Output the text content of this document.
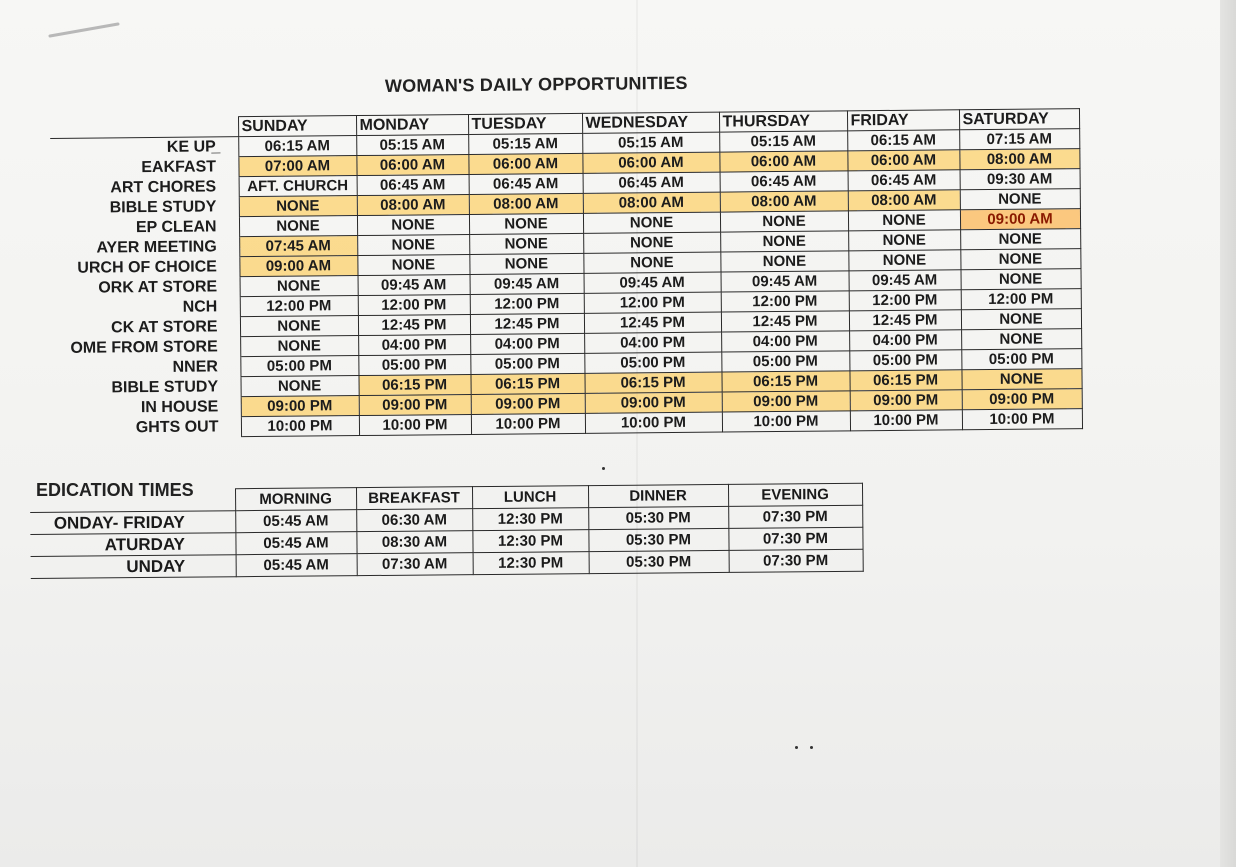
WOMAN'S DAILY OPPORTUNITIES
	SUNDAY	MONDAY	TUESDAY	WEDNESDAY	THURSDAY	FRIDAY	SATURDAY
̲KE UP	06:15 AM	05:15 AM	05:15 AM	05:15 AM	05:15 AM	06:15 AM	07:15 AM
EAKFAST	07:00 AM	06:00 AM	06:00 AM	06:00 AM	06:00 AM	06:00 AM	08:00 AM
ART CHORES	AFT. CHURCH	06:45 AM	06:45 AM	06:45 AM	06:45 AM	06:45 AM	09:30 AM
BIBLE STUDY	NONE	08:00 AM	08:00 AM	08:00 AM	08:00 AM	08:00 AM	NONE
EP CLEAN	NONE	NONE	NONE	NONE	NONE	NONE	09:00 AM
AYER MEETING	07:45 AM	NONE	NONE	NONE	NONE	NONE	NONE
URCH OF CHOICE	09:00 AM	NONE	NONE	NONE	NONE	NONE	NONE
ORK AT STORE	NONE	09:45 AM	09:45 AM	09:45 AM	09:45 AM	09:45 AM	NONE
NCH	12:00 PM	12:00 PM	12:00 PM	12:00 PM	12:00 PM	12:00 PM	12:00 PM
CK AT STORE	NONE	12:45 PM	12:45 PM	12:45 PM	12:45 PM	12:45 PM	NONE
OME FROM STORE	NONE	04:00 PM	04:00 PM	04:00 PM	04:00 PM	04:00 PM	NONE
NNER	05:00 PM	05:00 PM	05:00 PM	05:00 PM	05:00 PM	05:00 PM	05:00 PM
BIBLE STUDY	NONE	06:15 PM	06:15 PM	06:15 PM	06:15 PM	06:15 PM	NONE
IN HOUSE	09:00 PM	09:00 PM	09:00 PM	09:00 PM	09:00 PM	09:00 PM	09:00 PM
GHTS OUT	10:00 PM	10:00 PM	10:00 PM	10:00 PM	10:00 PM	10:00 PM	10:00 PM
	MORNING	BREAKFAST	LUNCH	DINNER	EVENING
ONDAY- FRIDAY	05:45 AM	06:30 AM	12:30 PM	05:30 PM	07:30 PM
ATURDAY	05:45 AM	08:30 AM	12:30 PM	05:30 PM	07:30 PM
UNDAY	05:45 AM	07:30 AM	12:30 PM	05:30 PM	07:30 PM
EDICATION TIMES
